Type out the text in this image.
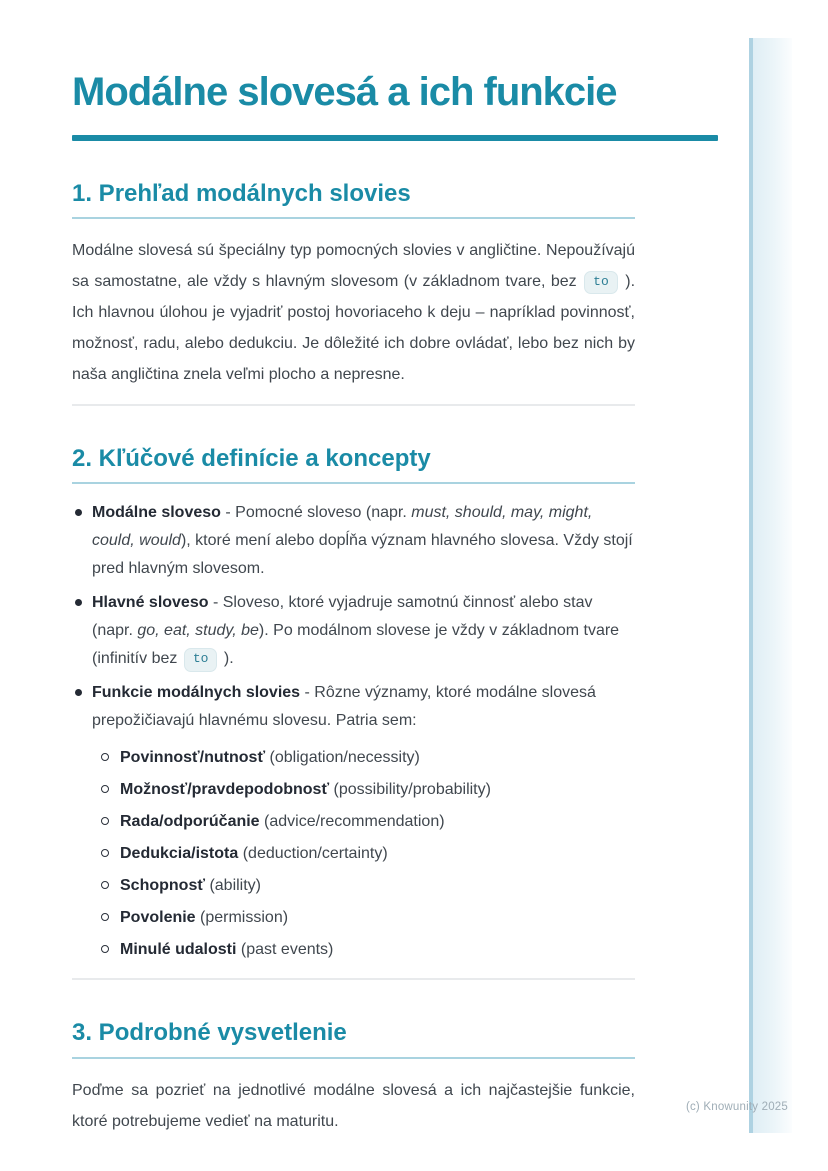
Modálne slovesá a ich funkcie
1. Prehľad modálnych slovies

Modálne slovesá sú špeciálny typ pomocných slovies v angličtine. Nepoužívajú sa samostatne, ale vždy s hlavným slovesom (v základnom tvare, bez to ). Ich hlavnou úlohou je vyjadriť postoj hovoriaceho k deju – napríklad povinnosť, možnosť, radu, alebo dedukciu. Je dôležité ich dobre ovládať, lebo bez nich by naša angličtina znela veľmi plocho a nepresne.

2. Kľúčové definície a koncepty
Modálne sloveso - Pomocné sloveso (napr. must, should, may, might, could, would), ktoré mení alebo dopĺňa význam hlavného slovesa. Vždy stojí pred hlavným slovesom.
Hlavné sloveso - Sloveso, ktoré vyjadruje samotnú činnosť alebo stav (napr. go, eat, study, be). Po modálnom slovese je vždy v základnom tvare (infinitív bez to ).
Funkcie modálnych slovies - Rôzne významy, ktoré modálne slovesá prepožičiavajú hlavnému slovesu. Patria sem:
Povinnosť/nutnosť (obligation/necessity)
Možnosť/pravdepodobnosť (possibility/probability)
Rada/odporúčanie (advice/recommendation)
Dedukcia/istota (deduction/certainty)
Schopnosť (ability)
Povolenie (permission)
Minulé udalosti (past events)
3. Podrobné vysvetlenie

Poďme sa pozrieť na jednotlivé modálne slovesá a ich najčastejšie funkcie, ktoré potrebujeme vedieť na maturitu.

(c) Knowunity 2025
